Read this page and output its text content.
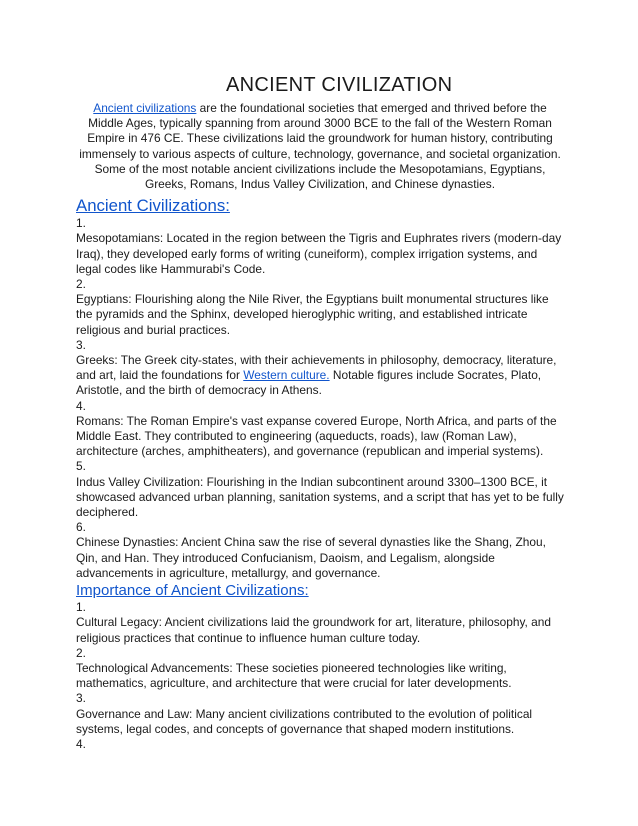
ANCIENT CIVILIZATION

Ancient civilizations are the foundational societies that emerged and thrived before the Middle Ages, typically spanning from around 3000 BCE to the fall of the Western Roman Empire in 476 CE. These civilizations laid the groundwork for human history, contributing immensely to various aspects of culture, technology, governance, and societal organization. Some of the most notable ancient civilizations include the Mesopotamians, Egyptians, Greeks, Romans, Indus Valley Civilization, and Chinese dynasties.

Ancient Civilizations:

1.

Mesopotamians: Located in the region between the Tigris and Euphrates rivers (modern-day Iraq), they developed early forms of writing (cuneiform), complex irrigation systems, and legal codes like Hammurabi's Code.

2.

Egyptians: Flourishing along the Nile River, the Egyptians built monumental structures like the pyramids and the Sphinx, developed hieroglyphic writing, and established intricate religious and burial practices.

3.

Greeks: The Greek city-states, with their achievements in philosophy, democracy, literature, and art, laid the foundations for Western culture. Notable figures include Socrates, Plato, Aristotle, and the birth of democracy in Athens.

4.

Romans: The Roman Empire's vast expanse covered Europe, North Africa, and parts of the Middle East. They contributed to engineering (aqueducts, roads), law (Roman Law), architecture (arches, amphitheaters), and governance (republican and imperial systems).

5.

Indus Valley Civilization: Flourishing in the Indian subcontinent around 3300–1300 BCE, it showcased advanced urban planning, sanitation systems, and a script that has yet to be fully deciphered.

6.

Chinese Dynasties: Ancient China saw the rise of several dynasties like the Shang, Zhou, Qin, and Han. They introduced Confucianism, Daoism, and Legalism, alongside advancements in agriculture, metallurgy, and governance.

Importance of Ancient Civilizations:

1.

Cultural Legacy: Ancient civilizations laid the groundwork for art, literature, philosophy, and religious practices that continue to influence human culture today.

2.

Technological Advancements: These societies pioneered technologies like writing, mathematics, agriculture, and architecture that were crucial for later developments.

3.

Governance and Law: Many ancient civilizations contributed to the evolution of political systems, legal codes, and concepts of governance that shaped modern institutions.

4.
